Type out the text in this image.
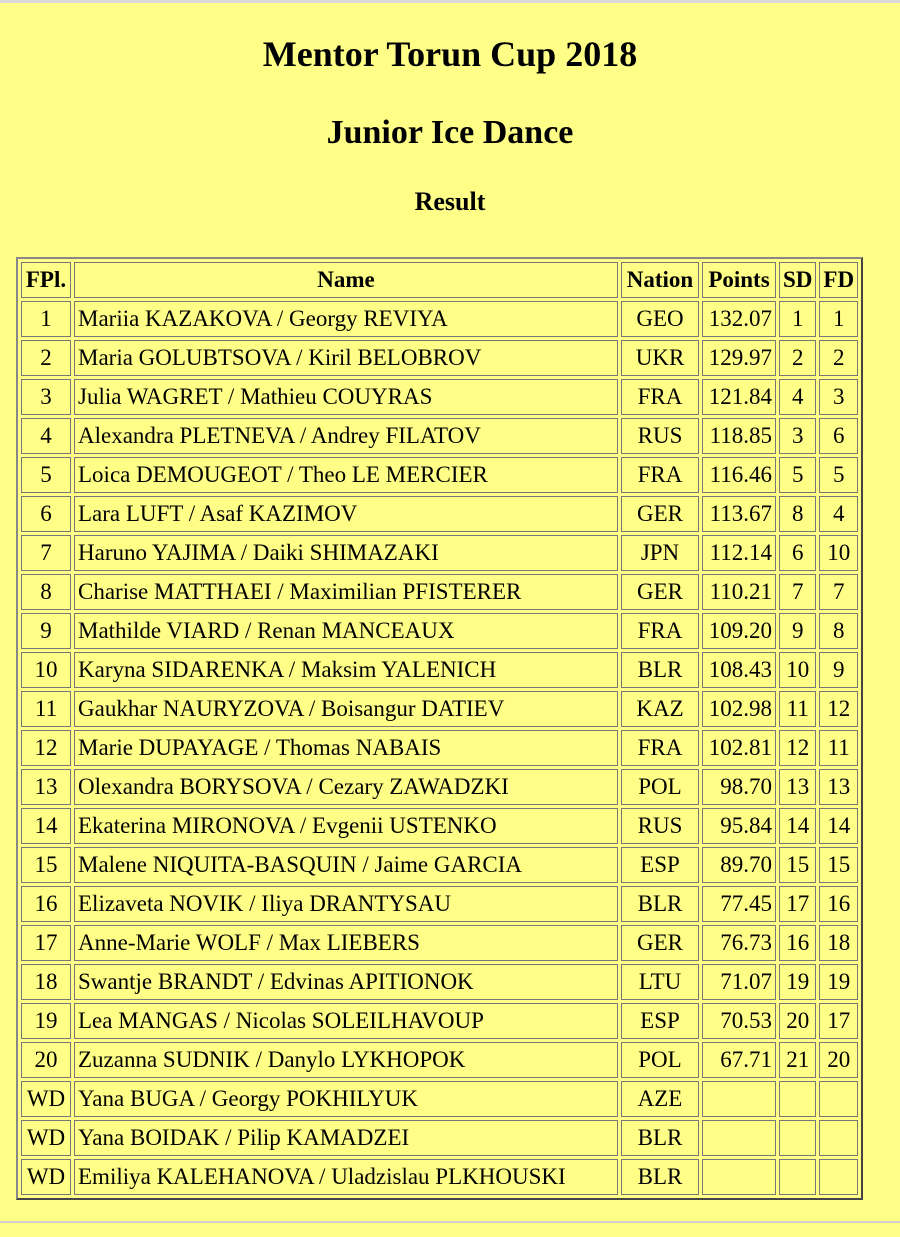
Mentor Torun Cup 2018
Junior Ice Dance
Result
FPl.	Name	Nation	Points	SD	FD
1	Mariia KAZAKOVA / Georgy REVIYA	GEO	132.07	1	1
2	Maria GOLUBTSOVA / Kiril BELOBROV	UKR	129.97	2	2
3	Julia WAGRET / Mathieu COUYRAS	FRA	121.84	4	3
4	Alexandra PLETNEVA / Andrey FILATOV	RUS	118.85	3	6
5	Loica DEMOUGEOT / Theo LE MERCIER	FRA	116.46	5	5
6	Lara LUFT / Asaf KAZIMOV	GER	113.67	8	4
7	Haruno YAJIMA / Daiki SHIMAZAKI	JPN	112.14	6	10
8	Charise MATTHAEI / Maximilian PFISTERER	GER	110.21	7	7
9	Mathilde VIARD / Renan MANCEAUX	FRA	109.20	9	8
10	Karyna SIDARENKA / Maksim YALENICH	BLR	108.43	10	9
11	Gaukhar NAURYZOVA / Boisangur DATIEV	KAZ	102.98	11	12
12	Marie DUPAYAGE / Thomas NABAIS	FRA	102.81	12	11
13	Olexandra BORYSOVA / Cezary ZAWADZKI	POL	98.70	13	13
14	Ekaterina MIRONOVA / Evgenii USTENKO	RUS	95.84	14	14
15	Malene NIQUITA-BASQUIN / Jaime GARCIA	ESP	89.70	15	15
16	Elizaveta NOVIK / Iliya DRANTYSAU	BLR	77.45	17	16
17	Anne-Marie WOLF / Max LIEBERS	GER	76.73	16	18
18	Swantje BRANDT / Edvinas APITIONOK	LTU	71.07	19	19
19	Lea MANGAS / Nicolas SOLEILHAVOUP	ESP	70.53	20	17
20	Zuzanna SUDNIK / Danylo LYKHOPOK	POL	67.71	21	20
WD	Yana BUGA / Georgy POKHILYUK	AZE			
WD	Yana BOIDAK / Pilip KAMADZEI	BLR			
WD	Emiliya KALEHANOVA / Uladzislau PLKHOUSKI	BLR			
